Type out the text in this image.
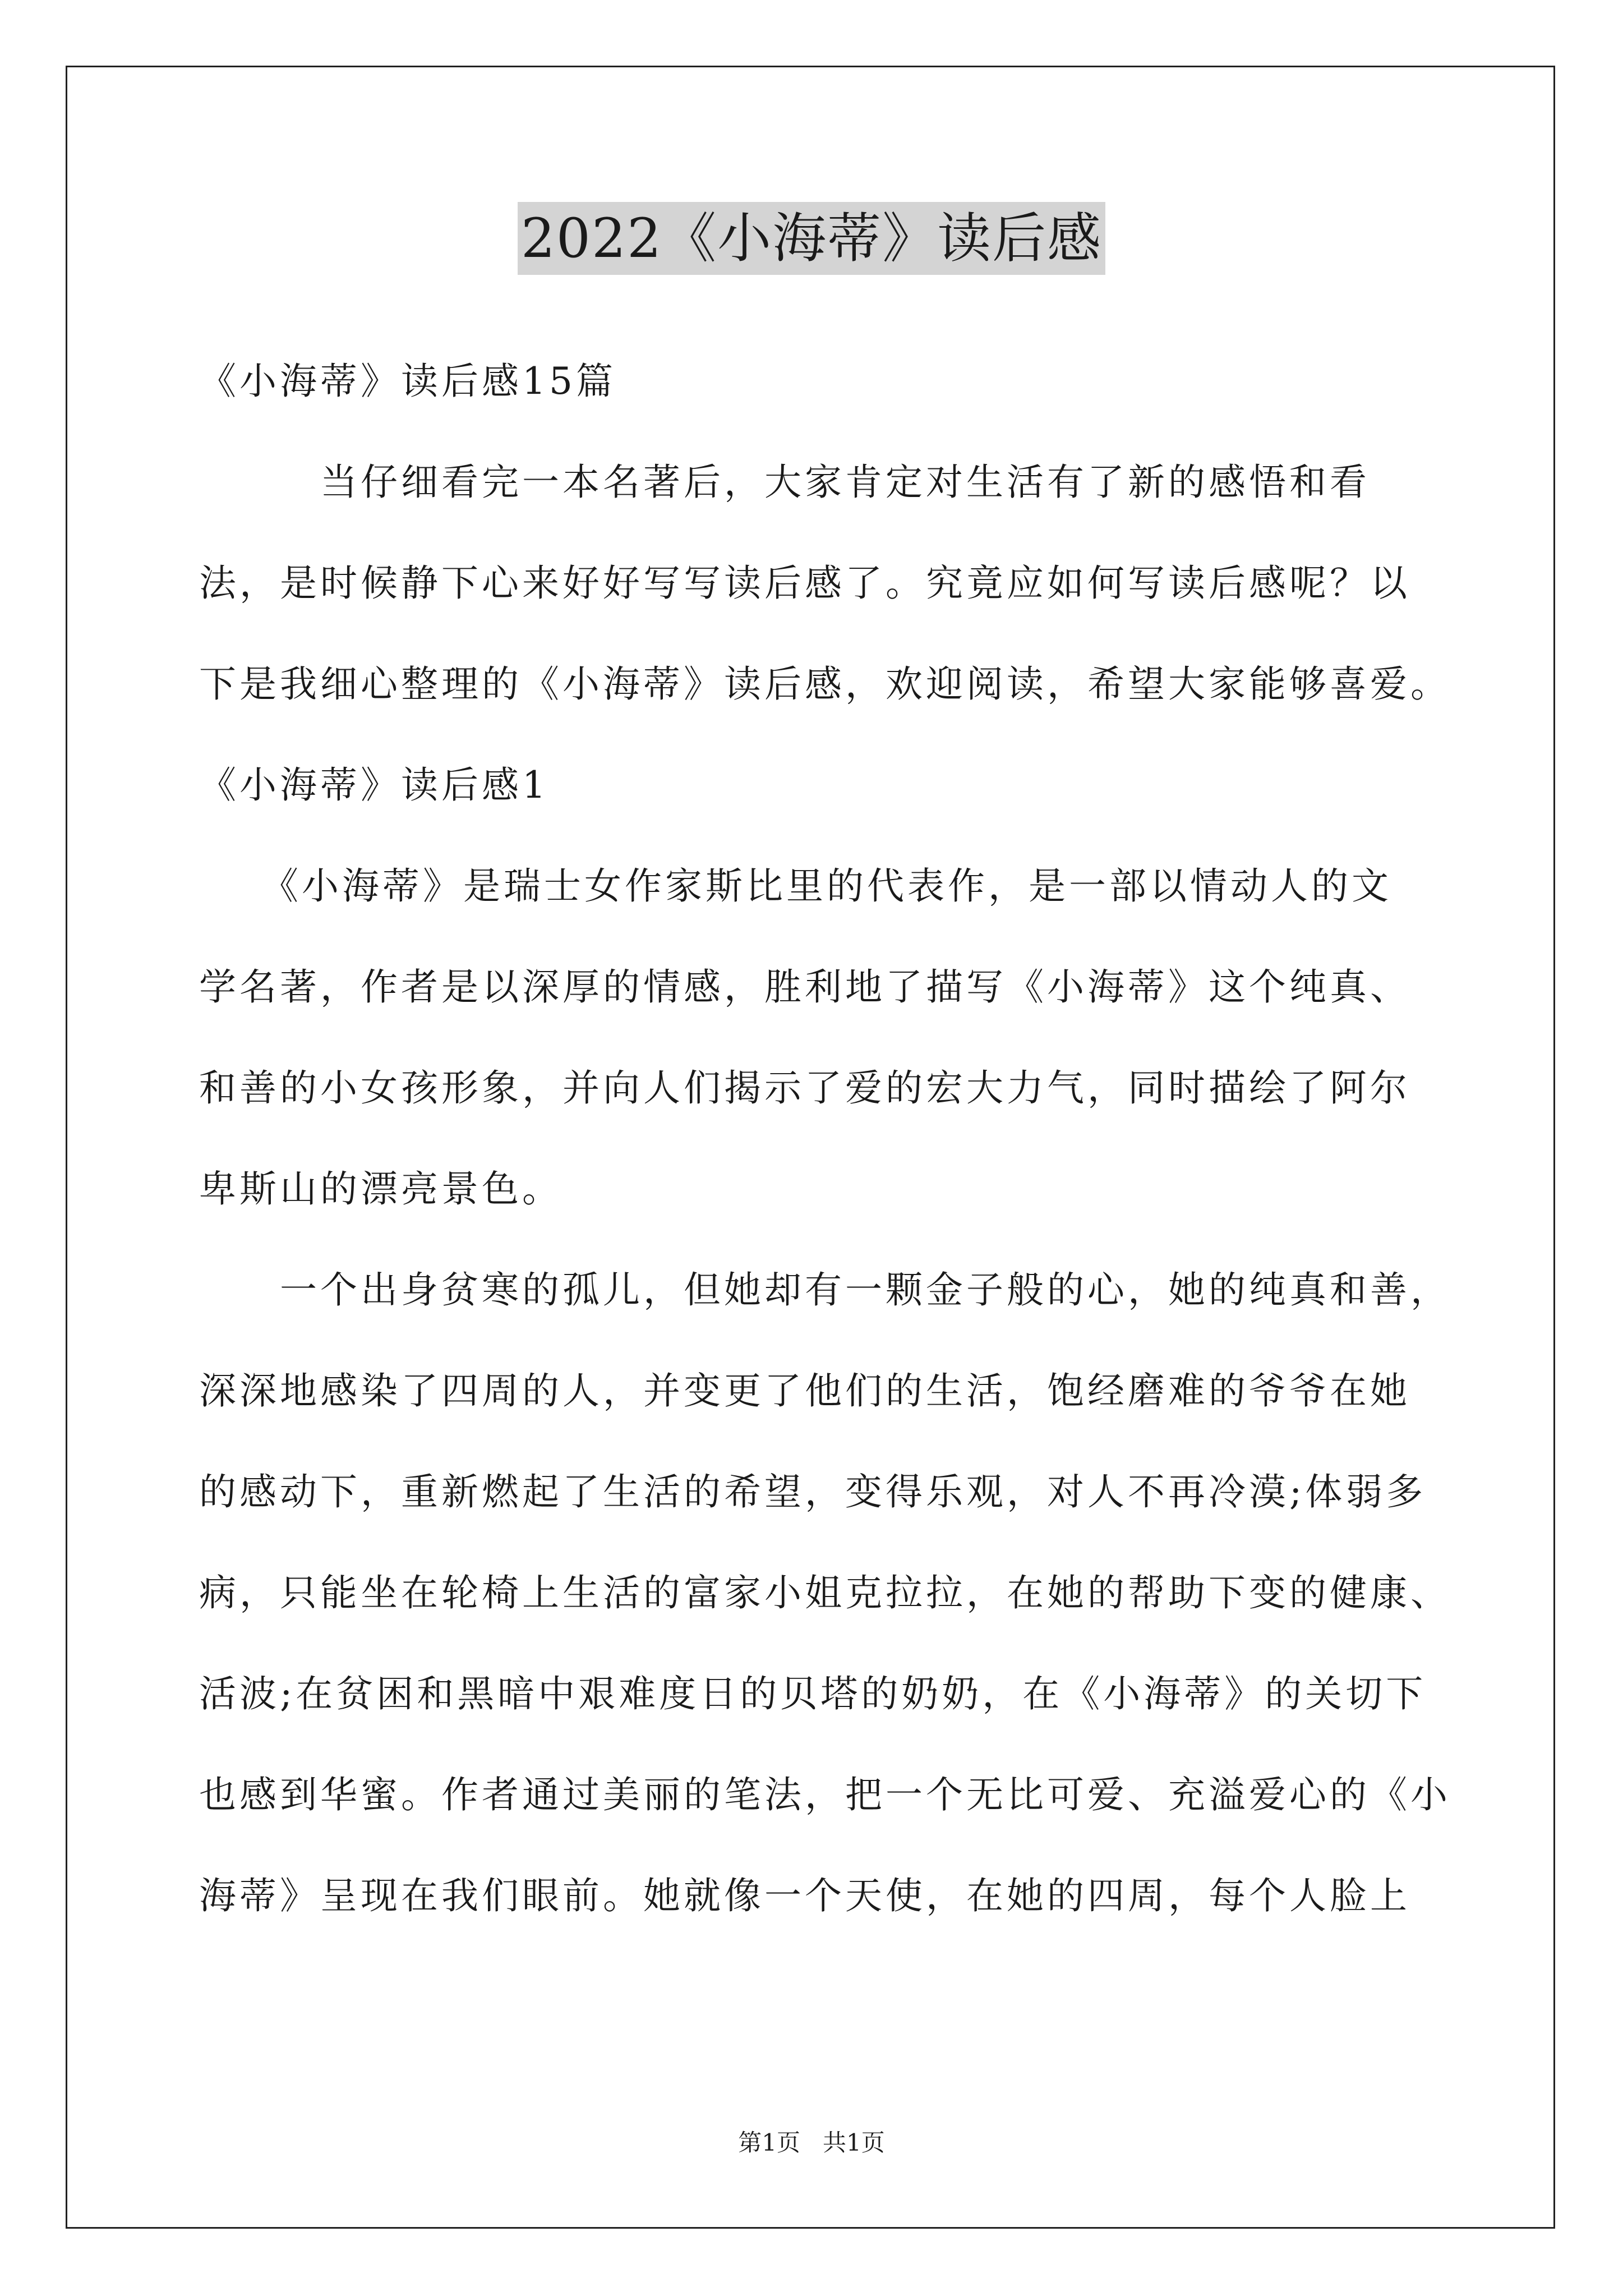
2022《小海蒂》读后感
《小海蒂》读后感15篇
　　　当仔细看完一本名著后，大家肯定对生活有了新的感悟和看
法，是时候静下心来好好写写读后感了。究竟应如何写读后感呢？以
下是我细心整理的《小海蒂》读后感，欢迎阅读，希望大家能够喜爱。
《小海蒂》读后感1
　　《小海蒂》是瑞士女作家斯比里的代表作，是一部以情动人的文
学名著，作者是以深厚的情感，胜利地了描写《小海蒂》这个纯真、
和善的小女孩形象，并向人们揭示了爱的宏大力气，同时描绘了阿尔
卑斯山的漂亮景色。
　　一个出身贫寒的孤儿，但她却有一颗金子般的心，她的纯真和善，
深深地感染了四周的人，并变更了他们的生活，饱经磨难的爷爷在她
的感动下，重新燃起了生活的希望，变得乐观，对人不再冷漠;体弱多
病，只能坐在轮椅上生活的富家小姐克拉拉，在她的帮助下变的健康、
活波;在贫困和黑暗中艰难度日的贝塔的奶奶，在《小海蒂》的关切下
也感到华蜜。作者通过美丽的笔法，把一个无比可爱、充溢爱心的《小
海蒂》呈现在我们眼前。她就像一个天使，在她的四周，每个人脸上
第1页 共1页
